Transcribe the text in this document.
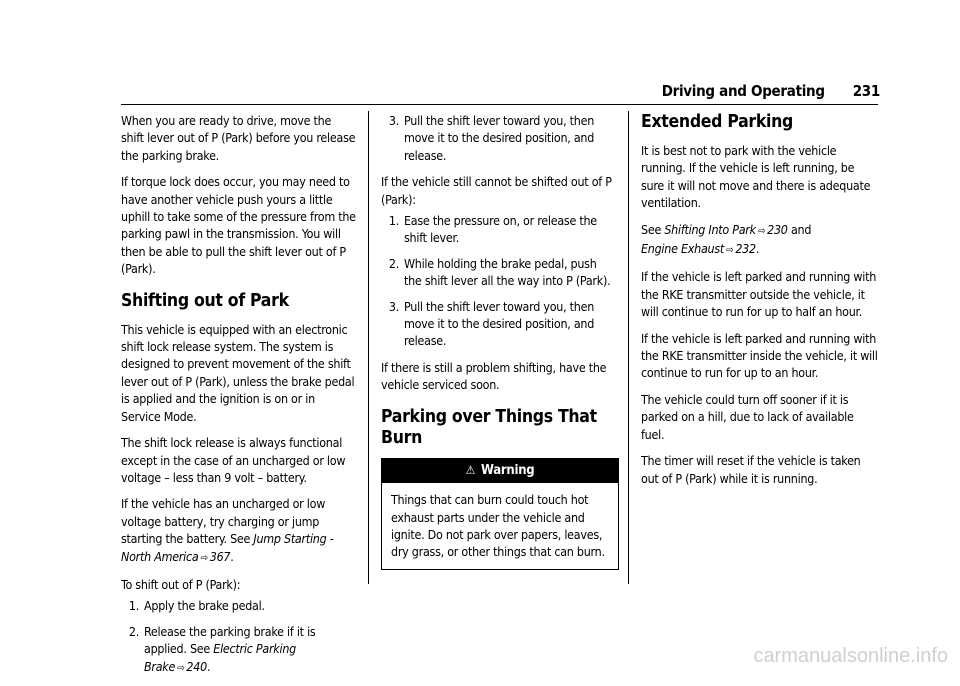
Driving and Operating 231

When you are ready to drive, move the shift lever out of P (Park) before you release the parking brake.

If torque lock does occur, you may need to have another vehicle push yours a little uphill to take some of the pressure from the parking pawl in the transmission. You will then be able to pull the shift lever out of P (Park).

Shifting out of Park

This vehicle is equipped with an electronic shift lock release system. The system is designed to prevent movement of the shift lever out of P (Park), unless the brake pedal is applied and the ignition is on or in Service Mode.

The shift lock release is always functional except in the case of an uncharged or low voltage – less than 9 volt – battery.

If the vehicle has an uncharged or low voltage battery, try charging or jump starting the battery. See Jump Starting - North America ⇨ 367.

To shift out of P (Park):

1. Apply the brake pedal.
2. Release the parking brake if it is applied. See Electric Parking Brake ⇨ 240.
3. Pull the shift lever toward you, then move it to the desired position, and release.

If the vehicle still cannot be shifted out of P (Park):

1. Ease the pressure on, or release the shift lever.
2. While holding the brake pedal, push the shift lever all the way into P (Park).
3. Pull the shift lever toward you, then move it to the desired position, and release.

If there is still a problem shifting, have the vehicle serviced soon.

Parking over Things That Burn
⚠ Warning
Things that can burn could touch hot exhaust parts under the vehicle and ignite. Do not park over papers, leaves, dry grass, or other things that can burn.
Extended Parking

It is best not to park with the vehicle running. If the vehicle is left running, be sure it will not move and there is adequate ventilation.

See Shifting Into Park ⇨ 230 and
Engine Exhaust ⇨ 232.

If the vehicle is left parked and running with the RKE transmitter outside the vehicle, it will continue to run for up to half an hour.

If the vehicle is left parked and running with the RKE transmitter inside the vehicle, it will continue to run for up to an hour.

The vehicle could turn off sooner if it is parked on a hill, due to lack of available fuel.

The timer will reset if the vehicle is taken out of P (Park) while it is running.

carmanualsonline.info
